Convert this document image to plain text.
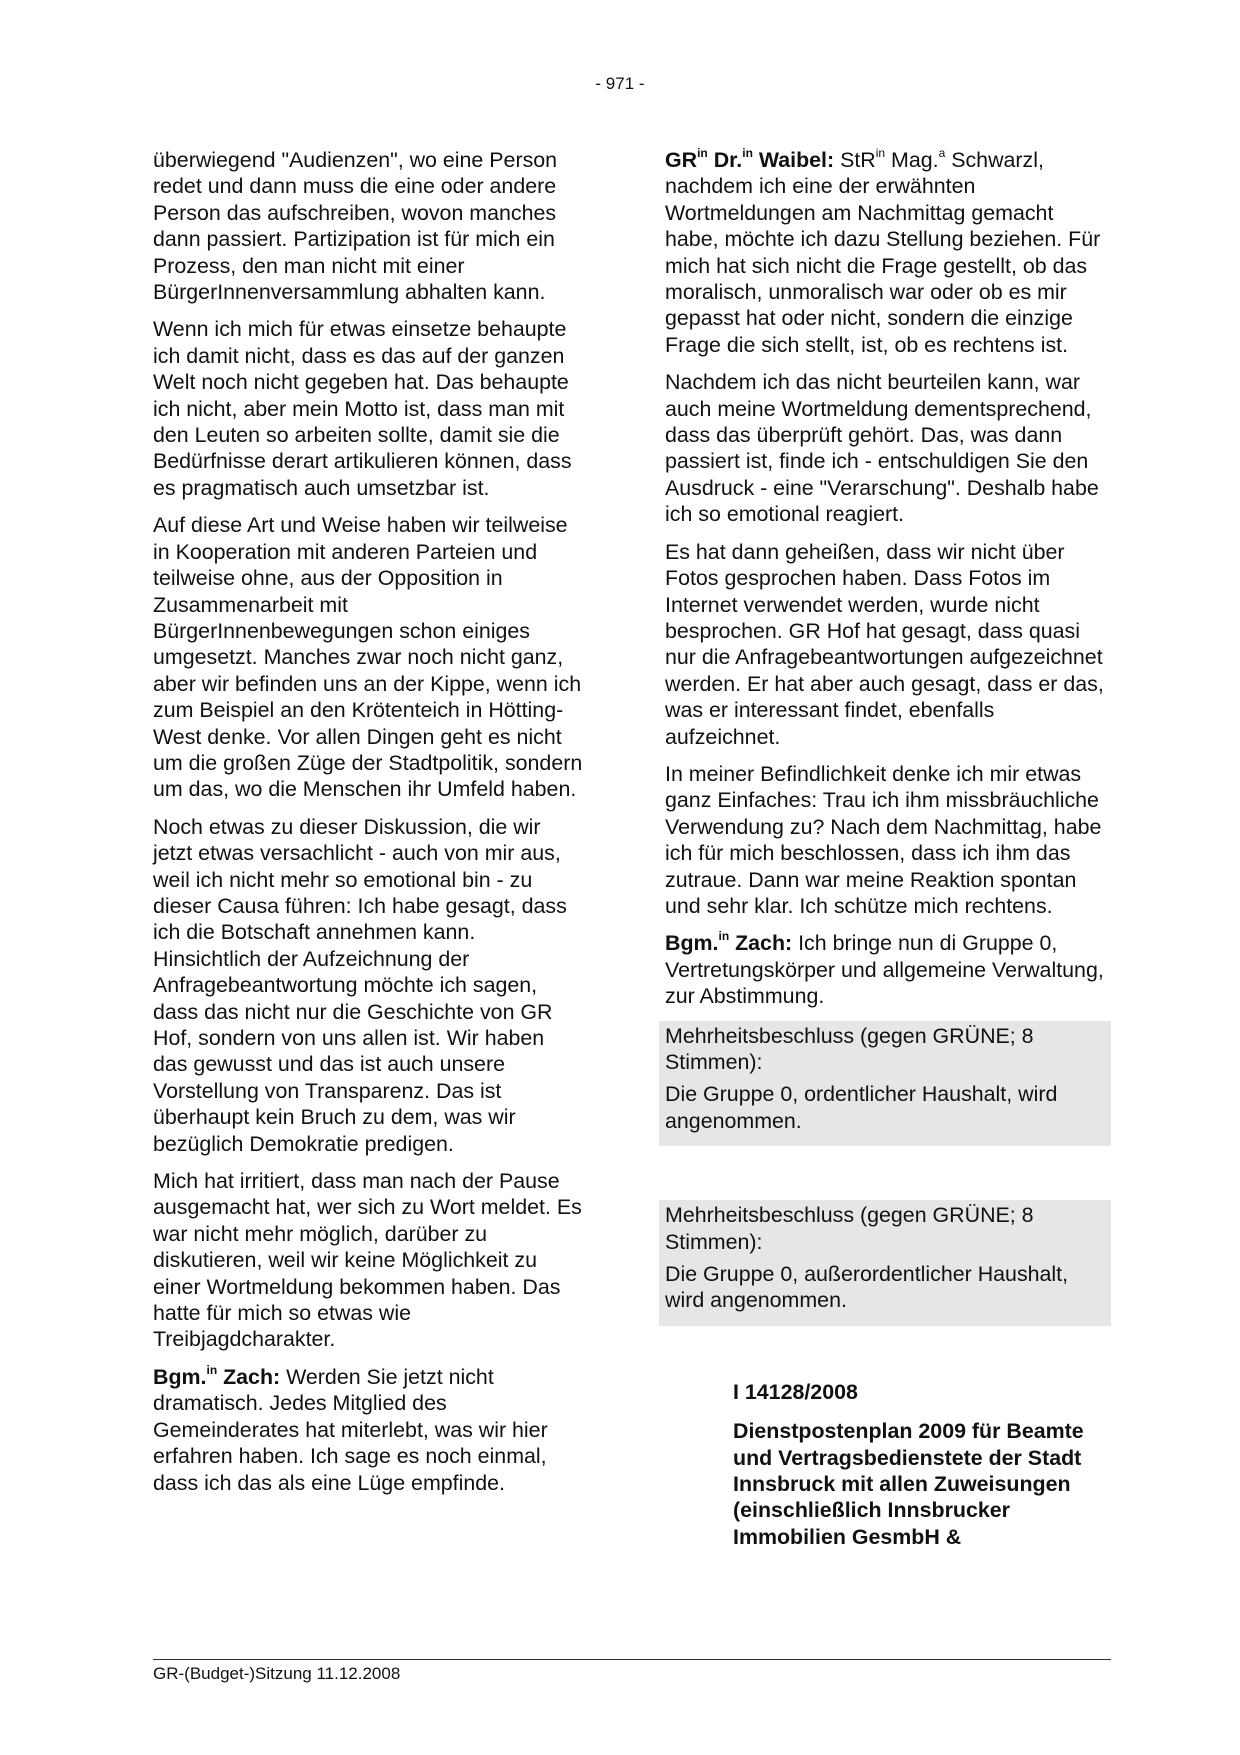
- 971 -

überwiegend "Audienzen", wo eine Person redet und dann muss die eine oder andere Person das aufschreiben, wovon manches dann passiert. Partizipation ist für mich ein Prozess, den man nicht mit einer BürgerInnenversammlung abhalten kann.

Wenn ich mich für etwas einsetze behaupte ich damit nicht, dass es das auf der ganzen Welt noch nicht gegeben hat. Das behaupte ich nicht, aber mein Motto ist, dass man mit den Leuten so arbeiten sollte, damit sie die Bedürfnisse derart artikulieren können, dass es pragmatisch auch umsetzbar ist.

Auf diese Art und Weise haben wir teilweise in Kooperation mit anderen Parteien und teilweise ohne, aus der Opposition in Zusammenarbeit mit BürgerInnenbewegungen schon einiges umgesetzt. Manches zwar noch nicht ganz, aber wir befinden uns an der Kippe, wenn ich zum Beispiel an den Krötenteich in Hötting-West denke. Vor allen Dingen geht es nicht um die großen Züge der Stadtpolitik, sondern um das, wo die Menschen ihr Umfeld haben.

Noch etwas zu dieser Diskussion, die wir jetzt etwas versachlicht - auch von mir aus, weil ich nicht mehr so emotional bin - zu dieser Causa führen: Ich habe gesagt, dass ich die Botschaft annehmen kann. Hinsichtlich der Aufzeichnung der Anfragebeantwortung möchte ich sagen, dass das nicht nur die Geschichte von GR Hof, sondern von uns allen ist. Wir haben das gewusst und das ist auch unsere Vorstellung von Transparenz. Das ist überhaupt kein Bruch zu dem, was wir bezüglich Demokratie predigen.

Mich hat irritiert, dass man nach der Pause ausgemacht hat, wer sich zu Wort meldet. Es war nicht mehr möglich, darüber zu diskutieren, weil wir keine Möglichkeit zu einer Wortmeldung bekommen haben. Das hatte für mich so etwas wie Treibjagdcharakter.

Bgm.$^{in}$ Zach: Werden Sie jetzt nicht dramatisch. Jedes Mitglied des Gemeinderates hat miterlebt, was wir hier erfahren haben. Ich sage es noch einmal, dass ich das als eine Lüge empfinde.

$GR^{in}$ Dr.$^{in}$ Waibel: StR$^{in}$ Mag.$^a$ Schwarzl, nachdem ich eine der erwähnten Wortmeldungen am Nachmittag gemacht habe, möchte ich dazu Stellung beziehen. Für mich hat sich nicht die Frage gestellt, ob das moralisch, unmoralisch war oder ob es mir gepasst hat oder nicht, sondern die einzige Frage die sich stellt, ist, ob es rechtens ist.

Nachdem ich das nicht beurteilen kann, war auch meine Wortmeldung dementsprechend, dass das überprüft gehört. Das, was dann passiert ist, finde ich - entschuldigen Sie den Ausdruck - eine "Verarschung". Deshalb habe ich so emotional reagiert.

Es hat dann geheißen, dass wir nicht über Fotos gesprochen haben. Dass Fotos im Internet verwendet werden, wurde nicht besprochen. GR Hof hat gesagt, dass quasi nur die Anfragebeantwortungen aufgezeichnet werden. Er hat aber auch gesagt, dass er das, was er interessant findet, ebenfalls aufzeichnet.

In meiner Befindlichkeit denke ich mir etwas ganz Einfaches: Trau ich ihm missbräuchliche Verwendung zu? Nach dem Nachmittag, habe ich für mich beschlossen, dass ich ihm das zutraue. Dann war meine Reaktion spontan und sehr klar. Ich schütze mich rechtens.

Bgm.$^{in}$ Zach: Ich bringe nun di Gruppe 0, Vertretungskörper und allgemeine Verwaltung, zur Abstimmung.

Mehrheitsbeschluss (gegen GRÜNE; 8 Stimmen):

Die Gruppe 0, ordentlicher Haushalt, wird angenommen.

Mehrheitsbeschluss (gegen GRÜNE; 8 Stimmen):

Die Gruppe 0, außerordentlicher Haushalt, wird angenommen.

I 14128/2008

Dienstpostenplan 2009 für Beamte und Vertragsbedienstete der Stadt Innsbruck mit allen Zuweisungen (einschließlich Innsbrucker Immobilien GesmbH &

GR-(Budget-)Sitzung 11.12.2008
